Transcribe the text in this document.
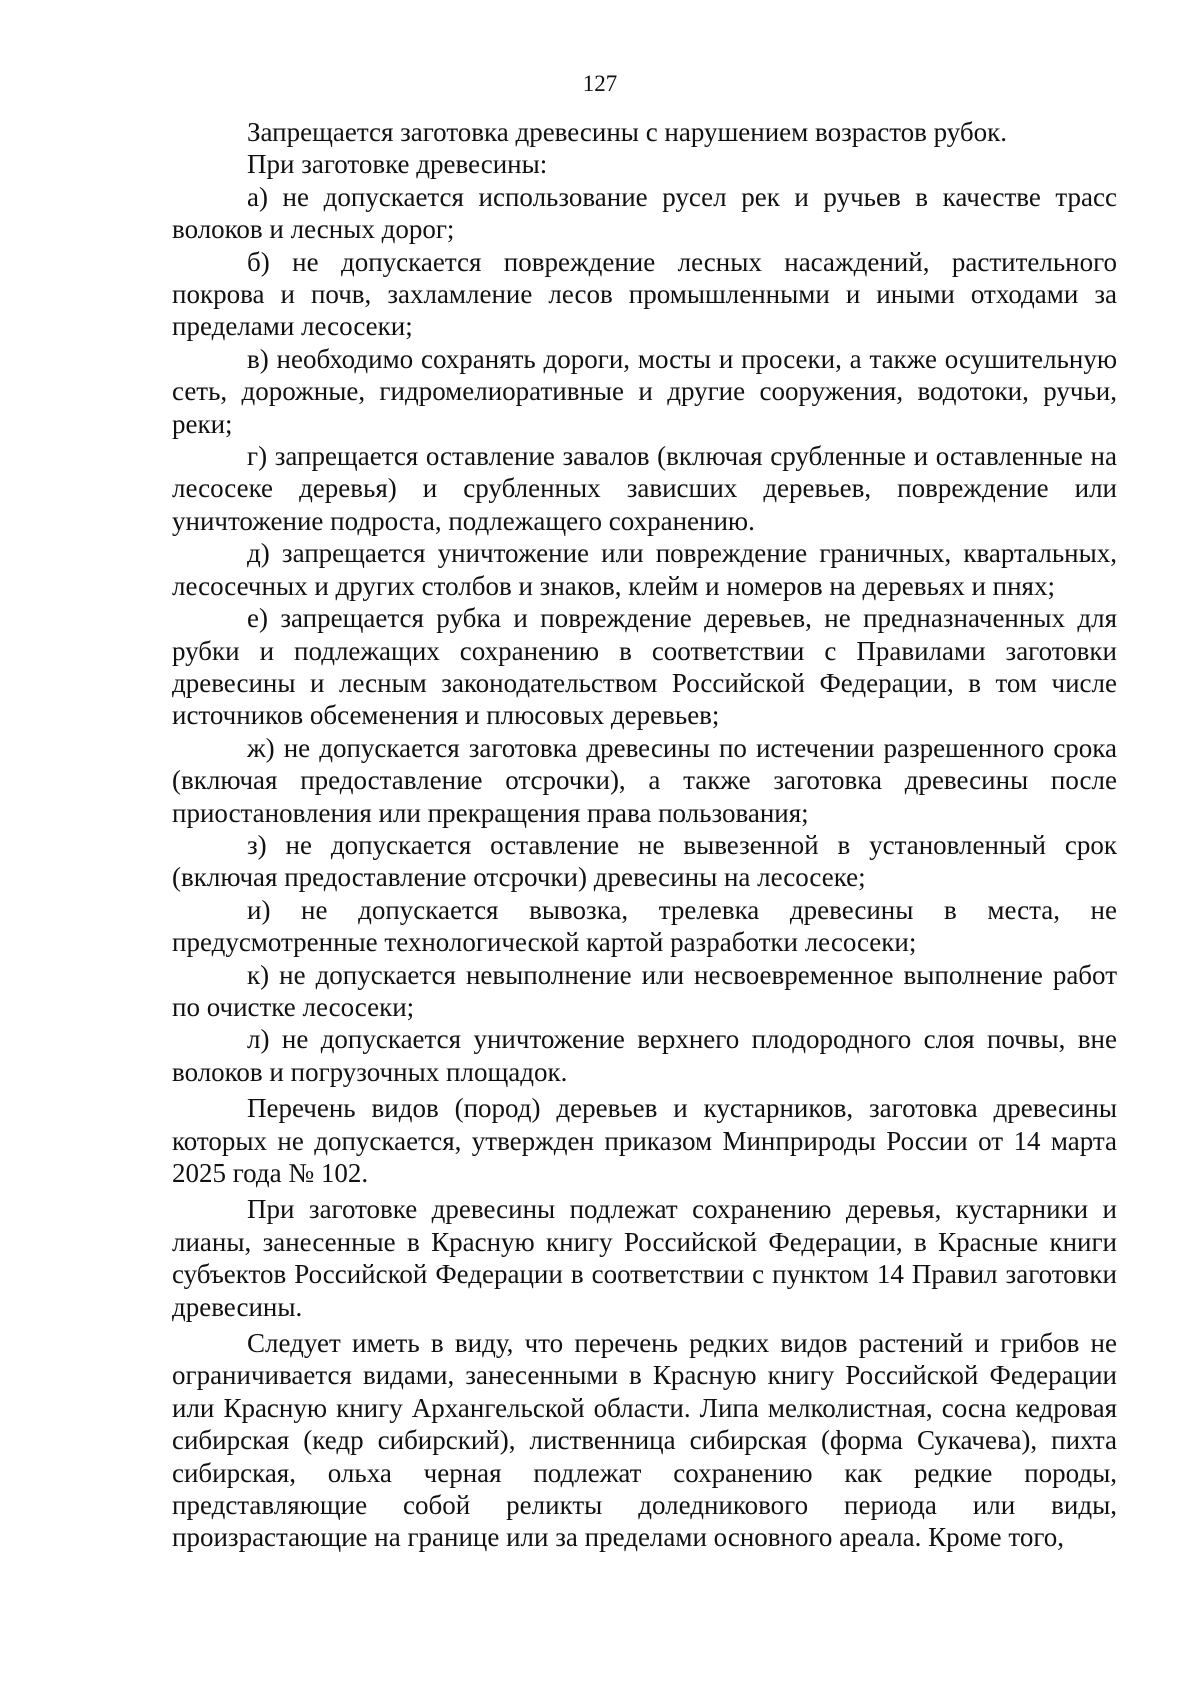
127

Запрещается заготовка древесины с нарушением возрастов рубок.

При заготовке древесины:

а) не допускается использование русел рек и ручьев в качестве трасс волоков и лесных дорог;

б) не допускается повреждение лесных насаждений, растительного покрова и почв, захламление лесов промышленными и иными отходами за пределами лесосеки;

в) необходимо сохранять дороги, мосты и просеки, а также осушительную сеть, дорожные, гидромелиоративные и другие сооружения, водотоки, ручьи, реки;

г) запрещается оставление завалов (включая срубленные и оставленные на лесосеке деревья) и срубленных зависших деревьев, повреждение или уничтожение подроста, подлежащего сохранению.

д) запрещается уничтожение или повреждение граничных, квартальных, лесосечных и других столбов и знаков, клейм и номеров на деревьях и пнях;

е) запрещается рубка и повреждение деревьев, не предназначенных для рубки и подлежащих сохранению в соответствии с Правилами заготовки древесины и лесным законодательством Российской Федерации, в том числе источников обсеменения и плюсовых деревьев;

ж) не допускается заготовка древесины по истечении разрешенного срока (включая предоставление отсрочки), а также заготовка древесины после приостановления или прекращения права пользования;

з) не допускается оставление не вывезенной в установленный срок (включая предоставление отсрочки) древесины на лесосеке;

и) не допускается вывозка, трелевка древесины в места, не предусмотренные технологической картой разработки лесосеки;

к) не допускается невыполнение или несвоевременное выполнение работ по очистке лесосеки;

л) не допускается уничтожение верхнего плодородного слоя почвы, вне волоков и погрузочных площадок.

Перечень видов (пород) деревьев и кустарников, заготовка древесины которых не допускается, утвержден приказом Минприроды России от 14 марта 2025 года № 102.

При заготовке древесины подлежат сохранению деревья, кустарники и лианы, занесенные в Красную книгу Российской Федерации, в Красные книги субъектов Российской Федерации в соответствии с пунктом 14 Правил заготовки древесины.

Следует иметь в виду, что перечень редких видов растений и грибов не ограничивается видами, занесенными в Красную книгу Российской Федерации или Красную книгу Архангельской области. Липа мелколистная, сосна кедровая сибирская (кедр сибирский), лиственница сибирская (форма Сукачева), пихта сибирская, ольха черная подлежат сохранению как редкие породы, представляющие собой реликты доледникового периода или виды, произрастающие на границе или за пределами основного ареала. Кроме того,
